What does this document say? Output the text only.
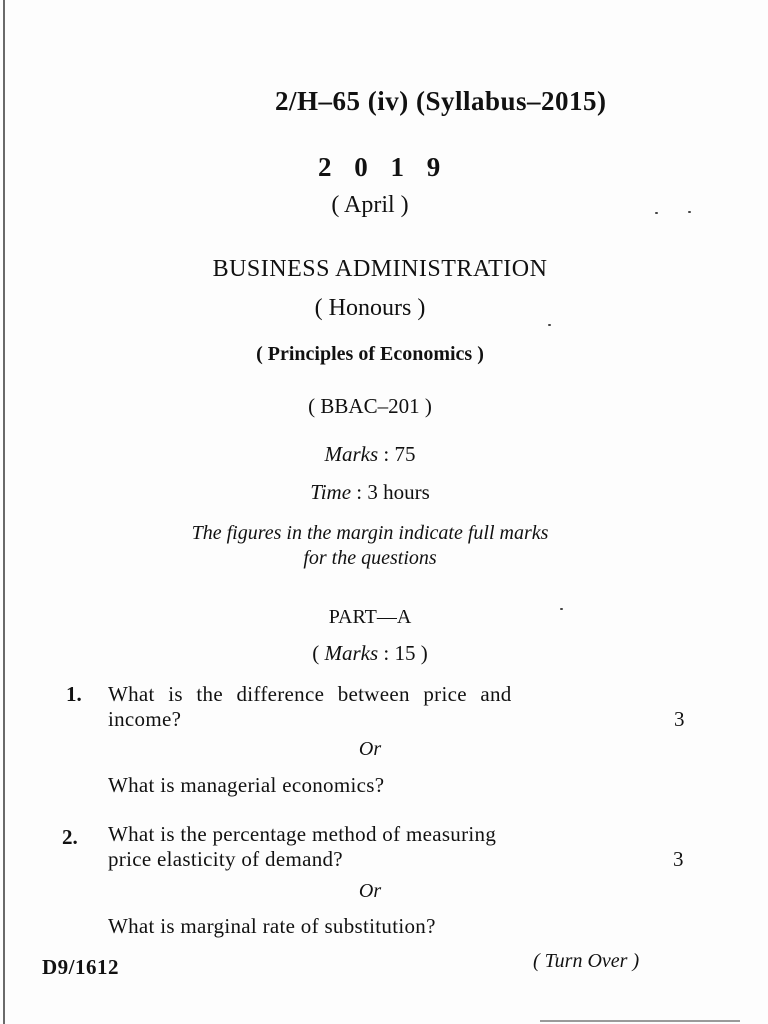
2/H–65 (iv) (Syllabus–2015)
2 0 1 9
( April )
BUSINESS ADMINISTRATION
( Honours )
( Principles of Economics )
( BBAC–201 )
Marks : 75
Time : 3 hours
The figures in the margin indicate full marks
for the questions
PART—A
( Marks : 15 )
1. What is the difference between price and
income?	3
Or
What is managerial economics?
2. What is the percentage method of measuring
price elasticity of demand?	3
Or
What is marginal rate of substitution?
D9/1612	( Turn Over )
